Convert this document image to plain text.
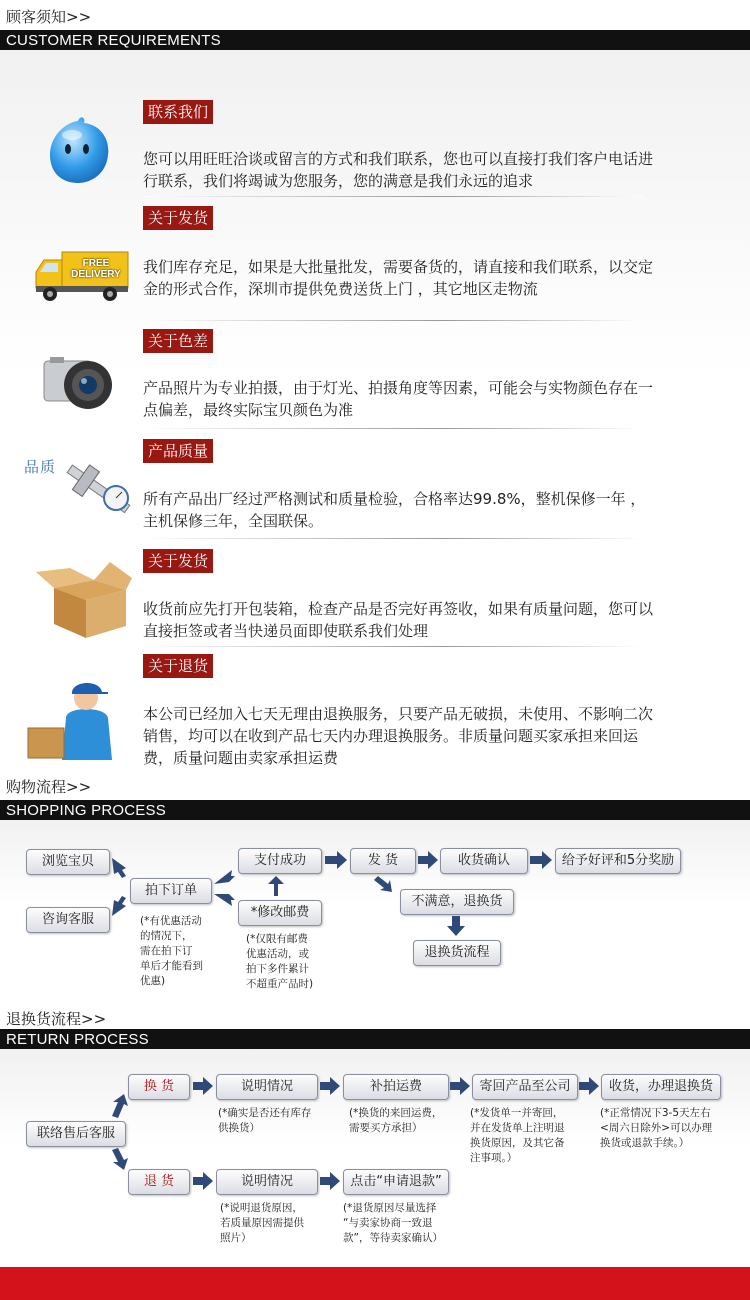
顾客须知>>
CUSTOMER REQUIREMENTS
联系我们
您可以用旺旺洽谈或留言的方式和我们联系，您也可以直接打我们客户电话进行联系，我们将竭诚为您服务，您的满意是我们永远的追求
关于发货
我们库存充足，如果是大批量批发，需要备货的，请直接和我们联系，以交定金的形式合作，深圳市提供免费送货上门 ，其它地区走物流
FREE DELIVERY
关于色差
产品照片为专业拍摄，由于灯光、拍摄角度等因素，可能会与实物颜色存在一点偏差，最终实际宝贝颜色为准
产品质量
所有产品出厂经过严格测试和质量检验，合格率达99.8%，整机保修一年 ，主机保修三年，全国联保。
品质
关于发货
收货前应先打开包装箱，检查产品是否完好再签收，如果有质量问题，您可以直接拒签或者当快递员面即使联系我们处理
关于退货
本公司已经加入七天无理由退换服务，只要产品无破损，未使用、不影响二次销售，均可以在收到产品七天内办理退换服务。非质量问题买家承担来回运费，质量问题由卖家承担运费
购物流程>>
SHOPPING PROCESS
浏览宝贝
咨询客服
拍下订单
支付成功
*修改邮费
发 货	收货确认	给予好评和5分奖励
不满意，退换货
退换货流程
(*有优惠活动
的情况下，
需在拍下订
单后才能看到
优惠)
(*仅限有邮费
优惠活动，或
拍下多件累计
不超重产品时)
退换货流程>>
RETURN PROCESS
联络售后客服
换 货
退 货
说明情况
说明情况
补拍运费
点击“申请退款”
寄回产品至公司	收货，办理退换货
(*确实是否还有库存
供换货）
(*换货的来回运费，
需要买方承担）
(*发货单一并寄回，
并在发货单上注明退
换货原因，及其它备
注事项。）
(*正常情况下3-5天左右
<周六日除外>可以办理
换货或退款手续。）
(*说明退货原因，
若质量原因需提供
照片）
(*退货原因尽量选择
“与卖家协商一致退
款”，等待卖家确认）
